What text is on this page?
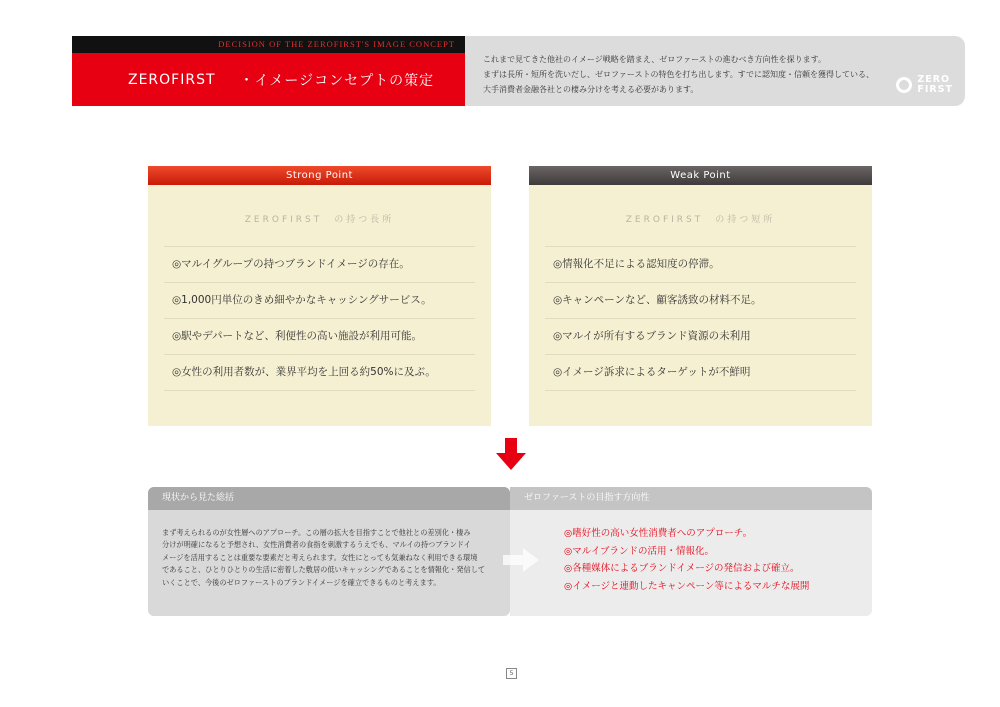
DECISION OF THE ZEROFIRST'S IMAGE CONCEPT
ZEROFIRST ・イメージコンセプトの策定

これまで見てきた他社のイメージ戦略を踏まえ、ゼロファーストの進むべき方向性を探ります。

まずは長所・短所を洗いだし、ゼロファーストの特色を打ち出します。すでに認知度・信頼を獲得している、

大手消費者金融各社との棲み分けを考える必要があります。

ZERO
FIRST
Strong Point
ZEROFIRST　の持つ長所
◎マルイグループの持つブランドイメージの存在。
◎1,000円単位のきめ細やかなキャッシングサービス。
◎駅やデパートなど、利便性の高い施設が利用可能。
◎女性の利用者数が、業界平均を上回る約50%に及ぶ。
Weak Point
ZEROFIRST　の持つ短所
◎情報化不足による認知度の停滞。
◎キャンペーンなど、顧客誘致の材料不足。
◎マルイが所有するブランド資源の未利用
◎イメージ訴求によるターゲットが不鮮明
現状から見た総括

まず考えられるのが女性層へのアプローチ。この層の拡大を目指すことで他社との差別化・棲み
分けが明確になると予想され、女性消費者の食指を刺激するうえでも、マルイの持つブランドイ
メージを活用することは重要な要素だと考えられます。女性にとっても気兼ねなく利用できる環境
であること、ひとりひとりの生活に密着した敷居の低いキャッシングであることを情報化・発信して
いくことで、今後のゼロファーストのブランドイメージを確立できるものと考えます。

ゼロファーストの目指す方向性
◎嗜好性の高い女性消費者へのアプローチ。
◎マルイブランドの活用・情報化。
◎各種媒体によるブランドイメージの発信および確立。
◎イメージと連動したキャンペーン等によるマルチな展開
5
